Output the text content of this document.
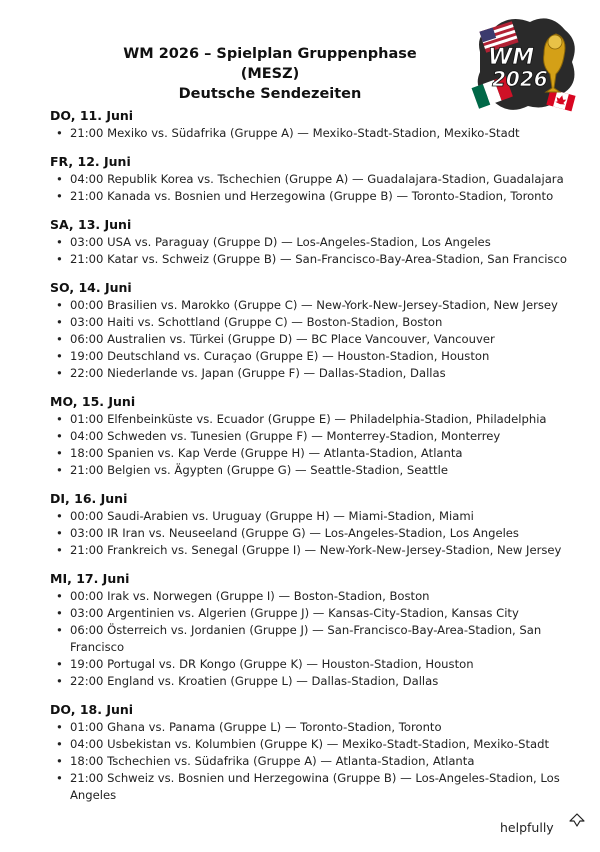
WM 2026 – Spielplan Gruppenphase (MESZ)
Deutsche Sendezeiten
WM
2026
DO, 11. Juni
• 21:00 Mexiko vs. Südafrika (Gruppe A) — Mexiko-Stadt-Stadion, Mexiko-Stadt
FR, 12. Juni
• 04:00 Republik Korea vs. Tschechien (Gruppe A) — Guadalajara-Stadion, Guadalajara
• 21:00 Kanada vs. Bosnien und Herzegowina (Gruppe B) — Toronto-Stadion, Toronto
SA, 13. Juni
• 03:00 USA vs. Paraguay (Gruppe D) — Los-Angeles-Stadion, Los Angeles
• 21:00 Katar vs. Schweiz (Gruppe B) — San-Francisco-Bay-Area-Stadion, San Francisco
SO, 14. Juni
• 00:00 Brasilien vs. Marokko (Gruppe C) — New-York-New-Jersey-Stadion, New Jersey
• 03:00 Haiti vs. Schottland (Gruppe C) — Boston-Stadion, Boston
• 06:00 Australien vs. Türkei (Gruppe D) — BC Place Vancouver, Vancouver
• 19:00 Deutschland vs. Curaçao (Gruppe E) — Houston-Stadion, Houston
• 22:00 Niederlande vs. Japan (Gruppe F) — Dallas-Stadion, Dallas
MO, 15. Juni
• 01:00 Elfenbeinküste vs. Ecuador (Gruppe E) — Philadelphia-Stadion, Philadelphia
• 04:00 Schweden vs. Tunesien (Gruppe F) — Monterrey-Stadion, Monterrey
• 18:00 Spanien vs. Kap Verde (Gruppe H) — Atlanta-Stadion, Atlanta
• 21:00 Belgien vs. Ägypten (Gruppe G) — Seattle-Stadion, Seattle
DI, 16. Juni
• 00:00 Saudi-Arabien vs. Uruguay (Gruppe H) — Miami-Stadion, Miami
• 03:00 IR Iran vs. Neuseeland (Gruppe G) — Los-Angeles-Stadion, Los Angeles
• 21:00 Frankreich vs. Senegal (Gruppe I) — New-York-New-Jersey-Stadion, New Jersey
MI, 17. Juni
• 00:00 Irak vs. Norwegen (Gruppe I) — Boston-Stadion, Boston
• 03:00 Argentinien vs. Algerien (Gruppe J) — Kansas-City-Stadion, Kansas City
• 06:00 Österreich vs. Jordanien (Gruppe J) — San-Francisco-Bay-Area-Stadion, San Francisco
• 19:00 Portugal vs. DR Kongo (Gruppe K) — Houston-Stadion, Houston
• 22:00 England vs. Kroatien (Gruppe L) — Dallas-Stadion, Dallas
DO, 18. Juni
• 01:00 Ghana vs. Panama (Gruppe L) — Toronto-Stadion, Toronto
• 04:00 Usbekistan vs. Kolumbien (Gruppe K) — Mexiko-Stadt-Stadion, Mexiko-Stadt
• 18:00 Tschechien vs. Südafrika (Gruppe A) — Atlanta-Stadion, Atlanta
• 21:00 Schweiz vs. Bosnien und Herzegowina (Gruppe B) — Los-Angeles-Stadion, Los Angeles
helpfully
